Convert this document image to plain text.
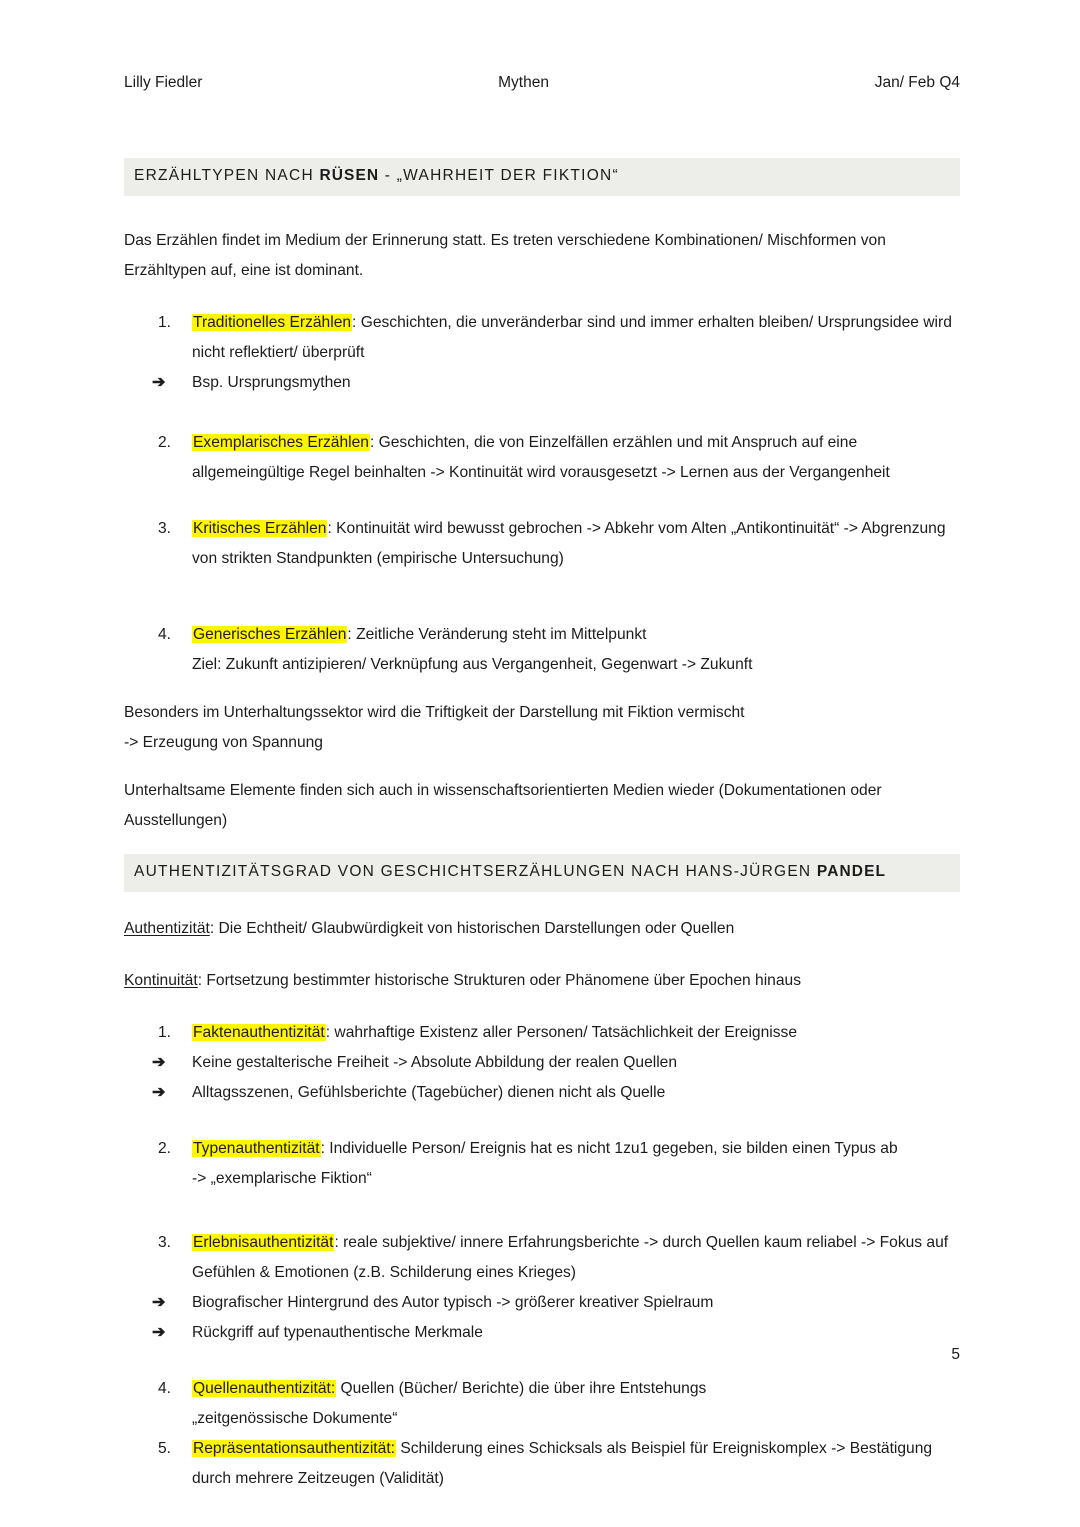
Lilly Fiedler	Mythen	Jan/ Feb Q4
ERZÄHLTYPEN NACH RÜSEN - „WAHRHEIT DER FIKTION“

Das Erzählen findet im Medium der Erinnerung statt. Es treten verschiedene Kombinationen/ Mischformen von Erzähltypen auf, eine ist dominant.

1.	Traditionelles Erzählen: Geschichten, die unveränderbar sind und immer erhalten bleiben/ Ursprungsidee wird nicht reflektiert/ überprüft
➔ Bsp. Ursprungsmythen
2.	Exemplarisches Erzählen: Geschichten, die von Einzelfällen erzählen und mit Anspruch auf eine allgemeingültige Regel beinhalten -> Kontinuität wird vorausgesetzt -> Lernen aus der Vergangenheit
3.	Kritisches Erzählen: Kontinuität wird bewusst gebrochen -> Abkehr vom Alten „Antikontinuität“ -> Abgrenzung von strikten Standpunkten (empirische Untersuchung)
4.	Generisches Erzählen: Zeitliche Veränderung steht im Mittelpunkt
Ziel: Zukunft antizipieren/ Verknüpfung aus Vergangenheit, Gegenwart -> Zukunft

Besonders im Unterhaltungssektor wird die Triftigkeit der Darstellung mit Fiktion vermischt

-> Erzeugung von Spannung

Unterhaltsame Elemente finden sich auch in wissenschaftsorientierten Medien wieder (Dokumentationen oder Ausstellungen)

AUTHENTIZITÄTSGRAD VON GESCHICHTSERZÄHLUNGEN NACH HANS-JÜRGEN PANDEL

Authentizität: Die Echtheit/ Glaubwürdigkeit von historischen Darstellungen oder Quellen

Kontinuität: Fortsetzung bestimmter historische Strukturen oder Phänomene über Epochen hinaus

1.	Faktenauthentizität: wahrhaftige Existenz aller Personen/ Tatsächlichkeit der Ereignisse
➔ Keine gestalterische Freiheit -> Absolute Abbildung der realen Quellen
➔ Alltagsszenen, Gefühlsberichte (Tagebücher) dienen nicht als Quelle
2.	Typenauthentizität: Individuelle Person/ Ereignis hat es nicht 1zu1 gegeben, sie bilden einen Typus ab
-> „exemplarische Fiktion“
3.	Erlebnisauthentizität: reale subjektive/ innere Erfahrungsberichte -> durch Quellen kaum reliabel -> Fokus auf Gefühlen & Emotionen (z.B. Schilderung eines Krieges)
➔ Biografischer Hintergrund des Autor typisch -> größerer kreativer Spielraum
➔ Rückgriff auf typenauthentische Merkmale
4.	Quellenauthentizität: Quellen (Bücher/ Berichte) die über ihre Entstehungs
„zeitgenössische Dokumente“
5.	Repräsentationsauthentizität: Schilderung eines Schicksals als Beispiel für Ereigniskomplex -> Bestätigung durch mehrere Zeitzeugen (Validität)
5
